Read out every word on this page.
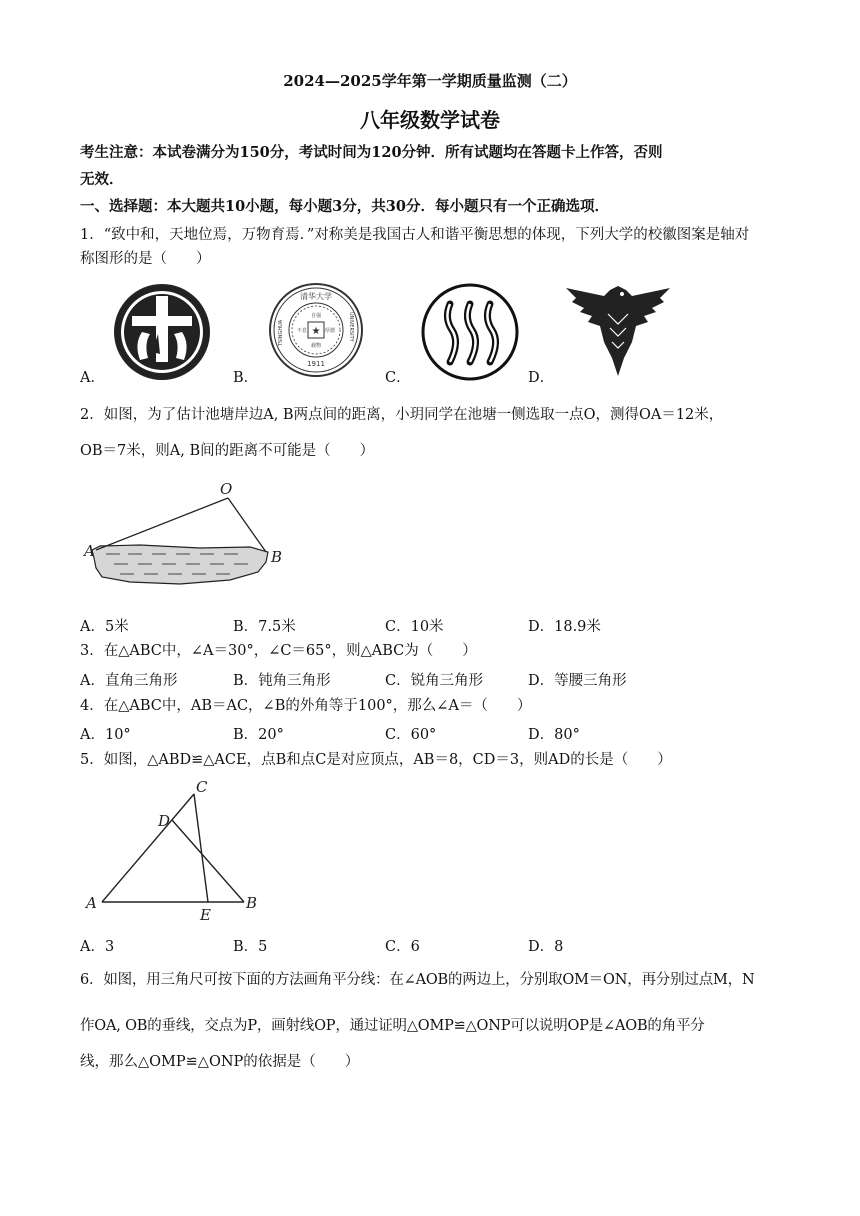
2024—2025学年第一学期质量监测（二）
八年级数学试卷
考生注意：本试卷满分为150分，考试时间为120分钟．所有试题均在答题卡上作答，否则
无效．
一、选择题：本大题共10小题，每小题3分，共30分．每小题只有一个正确选项．
1．“致中和，天地位焉，万物育焉．”对称美是我国古人和谐平衡思想的体现，下列大学的校徽图案是轴对
称图形的是（　　）
A．
★
清华大学
1911
TSINGHUA	UNIVERSITY
自强
不息	厚德
载物
B．	C．	D．
2．如图，为了估计池塘岸边A, B两点间的距离，小玥同学在池塘一侧选取一点O，测得OA＝12米，
OB＝7米，则A, B间的距离不可能是（　　）
O
A	B
A．5米	B．7.5米	C．10米	D．18.9米
3．在△ABC中，∠A＝30°，∠C＝65°，则△ABC为（　　）
A．直角三角形	B．钝角三角形	C．锐角三角形	D．等腰三角形
4．在△ABC中，AB＝AC，∠B的外角等于100°，那么∠A＝（　　）
A．10°	B．20°	C．60°	D．80°
5．如图，△ABD≌△ACE，点B和点C是对应顶点，AB＝8，CD＝3，则AD的长是（　　）
C
D
A
E
B
A．3	B．5	C．6	D．8
6．如图，用三角尺可按下面的方法画角平分线：在∠AOB的两边上，分别取OM＝ON，再分别过点M，N
作OA, OB的垂线，交点为P，画射线OP，通过证明△OMP≌△ONP可以说明OP是∠AOB的角平分
线，那么△OMP≌△ONP的依据是（　　）
